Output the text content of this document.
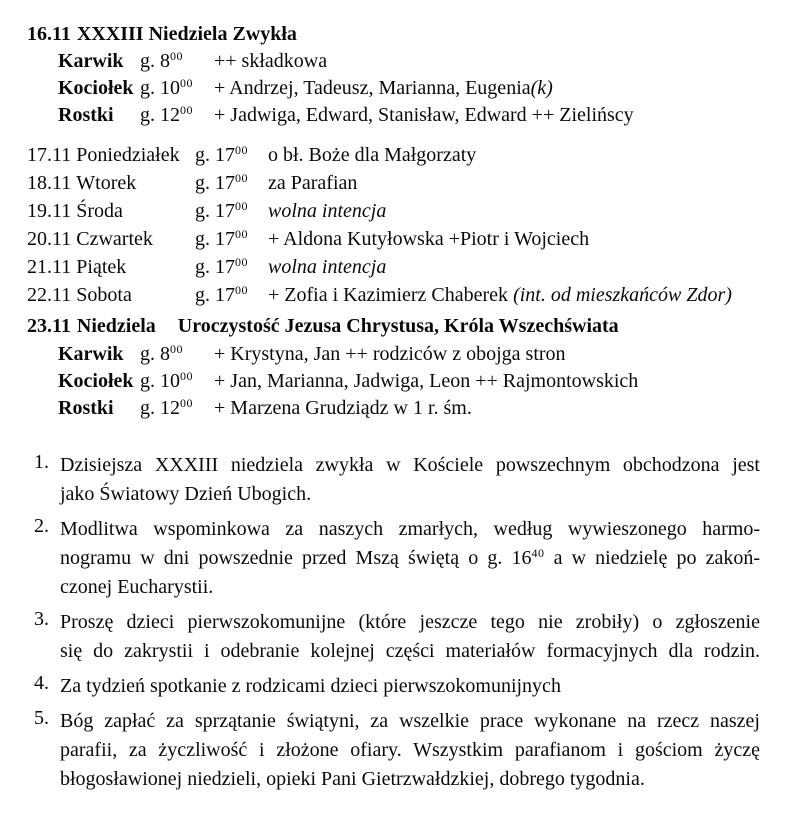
16.11 XXXIII Niedziela Zwykła
Karwik g. $8^{00}$	++ składkowa
Kociołek g. $10^{00}$	+ Andrzej, Tadeusz, Marianna, Eugenia(k)
Rostki	g. $12^{00}$	+ Jadwiga, Edward, Stanisław, Edward ++ Zielińscy
17.11 Poniedziałek g. $17^{00}$	o bł. Boże dla Małgorzaty
18.11 Wtorek	g. $17^{00}$	za Parafian
19.11 Środa	g. $17^{00}$	wolna intencja
20.11 Czwartek	g. $17^{00}$	+ Aldona Kutyłowska +Piotr i Wojciech
21.11 Piątek	g. $17^{00}$	wolna intencja
22.11 Sobota	g. $17^{00}$	+ Zofia i Kazimierz Chaberek (int. od mieszkańców Zdor)
23.11 Niedziela Uroczystość Jezusa Chrystusa, Króla Wszechświata
Karwik g. $8^{00}$	+ Krystyna, Jan ++ rodziców z obojga stron
Kociołek g. $10^{00}$	+ Jan, Marianna, Jadwiga, Leon ++ Rajmontowskich
Rostki	g. $12^{00}$	+ Marzena Grudziądz w 1 r. śm.
1. Dzisiejsza XXXIII niedziela zwykła w Kościele powszechnym obchodzona jest
jako Światowy Dzień Ubogich.
2. Modlitwa wspominkowa za naszych zmarłych, według wywieszonego harmo-
nogramu w dni powszednie przed Mszą świętą o g. $16^{40}$ a w niedzielę po zakoń-
czonej Eucharystii.
3. Proszę dzieci pierwszokomunijne (które jeszcze tego nie zrobiły) o zgłoszenie
się do zakrystii i odebranie kolejnej części materiałów formacyjnych dla rodzin.
4. Za tydzień spotkanie z rodzicami dzieci pierwszokomunijnych
5. Bóg zapłać za sprzątanie świątyni, za wszelkie prace wykonane na rzecz naszej
parafii, za życzliwość i złożone ofiary. Wszystkim parafianom i gościom życzę
błogosławionej niedzieli, opieki Pani Gietrzwałdzkiej, dobrego tygodnia.
